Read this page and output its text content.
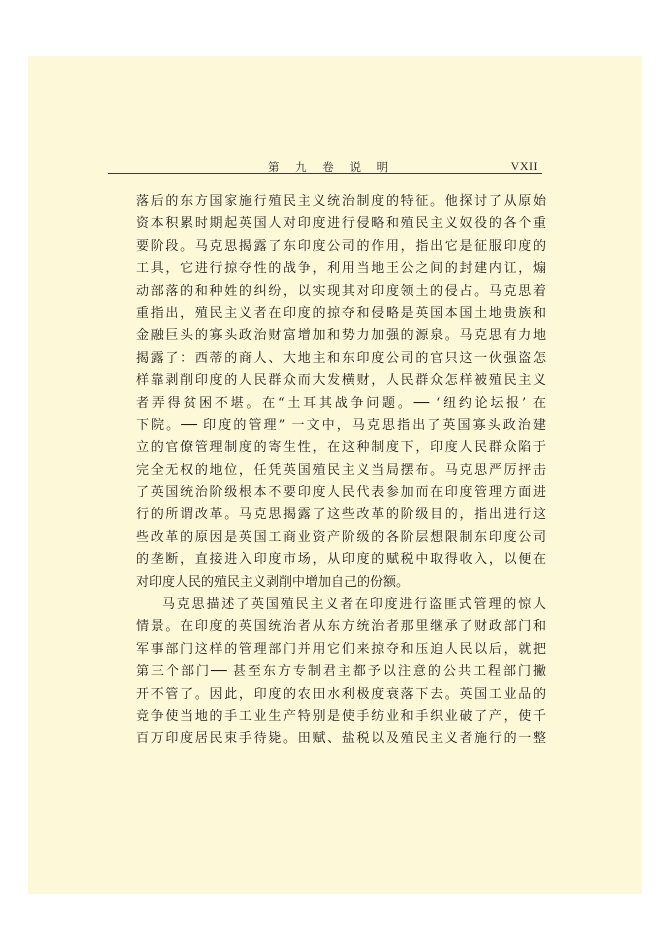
第 九 卷 说 明	VXII
落后的东方国家施行殖民主义统治制度的特征。他探讨了从原始
资本积累时期起英国人对印度进行侵略和殖民主义奴役的各个重
要阶段。马克思揭露了东印度公司的作用，指出它是征服印度的
工具，它进行掠夺性的战争，利用当地王公之间的封建内讧，煽
动部落的和种姓的纠纷，以实现其对印度领土的侵占。马克思着
重指出，殖民主义者在印度的掠夺和侵略是英国本国土地贵族和
金融巨头的寡头政治财富增加和势力加强的源泉。马克思有力地
揭露了：西蒂的商人、大地主和东印度公司的官只这一伙强盗怎
样靠剥削印度的人民群众而大发横财，人民群众怎样被殖民主义
者弄得贫困不堪。在“土耳其战争问题。── ‘纽约论坛报’ 在
下院。── 印度的管理” 一文中，马克思指出了英国寡头政治建
立的官僚管理制度的寄生性，在这种制度下，印度人民群众陷于
完全无权的地位，任凭英国殖民主义当局摆布。马克思严厉抨击
了英国统治阶级根本不要印度人民代表参加而在印度管理方面进
行的所谓改革。马克思揭露了这些改革的阶级目的，指出进行这
些改革的原因是英国工商业资产阶级的各阶层想限制东印度公司
的垄断，直接进入印度市场，从印度的赋税中取得收入，以便在
对印度人民的殖民主义剥削中增加自己的份额。
马克思描述了英国殖民主义者在印度进行盗匪式管理的惊人
情景。在印度的英国统治者从东方统治者那里继承了财政部门和
军事部门这样的管理部门并用它们来掠夺和压迫人民以后，就把
第三个部门── 甚至东方专制君主都予以注意的公共工程部门撇
开不管了。因此，印度的农田水利极度衰落下去。英国工业品的
竞争使当地的手工业生产特别是使手纺业和手织业破了产，使千
百万印度居民束手待毙。田赋、盐税以及殖民主义者施行的一整
